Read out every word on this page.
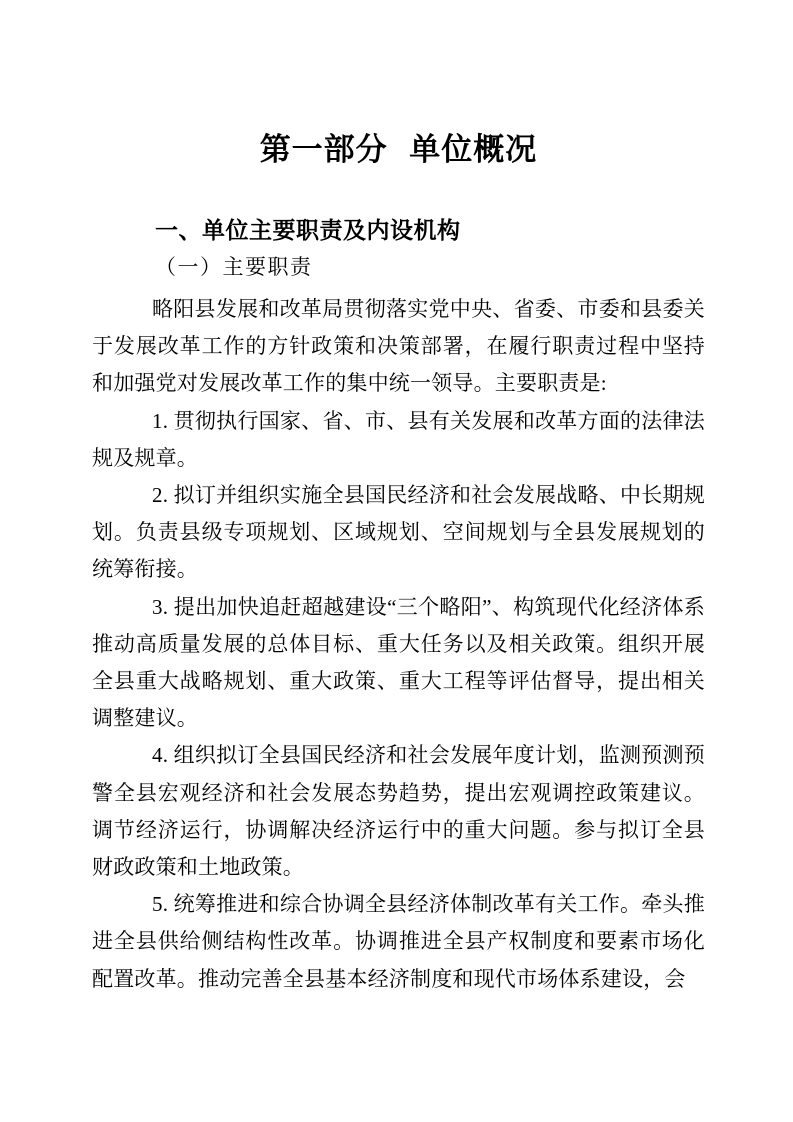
第一部分 单位概况
一、单位主要职责及内设机构
（一）主要职责

略阳县发展和改革局贯彻落实党中央、省委、市委和县委关于发展改革工作的方针政策和决策部署，在履行职责过程中坚持和加强党对发展改革工作的集中统一领导。主要职责是:

1. 贯彻执行国家、省、市、县有关发展和改革方面的法律法规及规章。

2. 拟订并组织实施全县国民经济和社会发展战略、中长期规划。负责县级专项规划、区域规划、空间规划与全县发展规划的统筹衔接。

3. 提出加快追赶超越建设“三个略阳”、构筑现代化经济体系推动高质量发展的总体目标、重大任务以及相关政策。组织开展全县重大战略规划、重大政策、重大工程等评估督导，提出相关调整建议。

4. 组织拟订全县国民经济和社会发展年度计划，监测预测预警全县宏观经济和社会发展态势趋势，提出宏观调控政策建议。调节经济运行，协调解决经济运行中的重大问题。参与拟订全县财政政策和土地政策。

5. 统筹推进和综合协调全县经济体制改革有关工作。牵头推进全县供给侧结构性改革。协调推进全县产权制度和要素市场化配置改革。推动完善全县基本经济制度和现代市场体系建设，会
